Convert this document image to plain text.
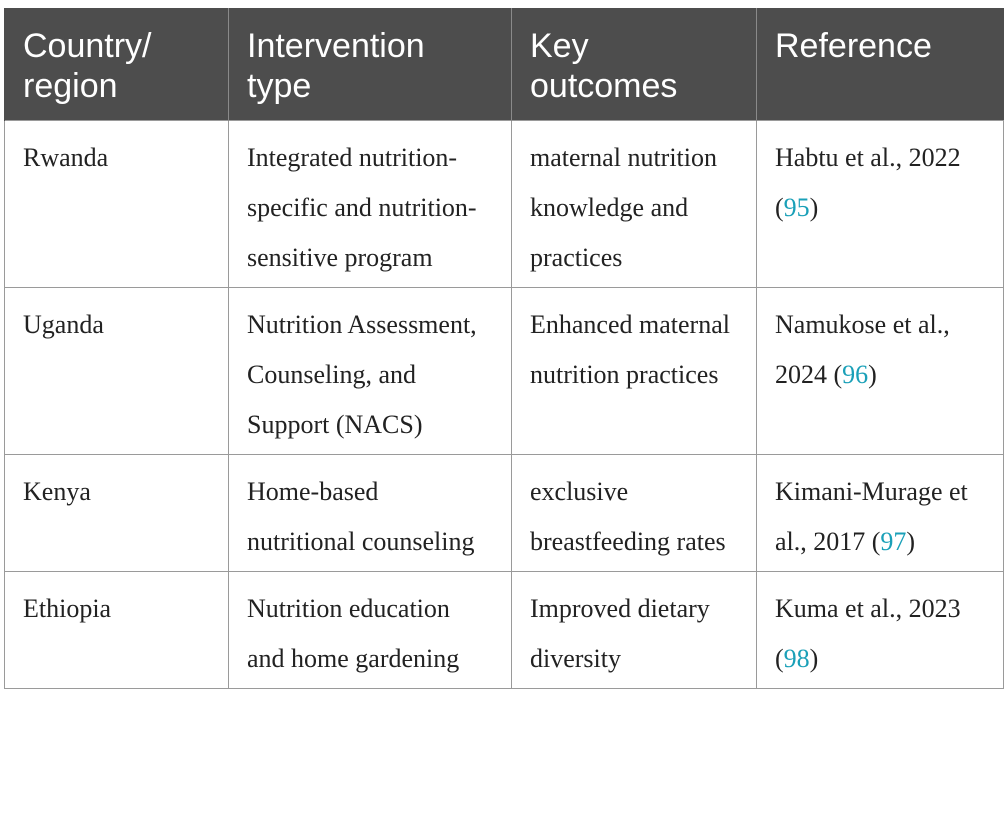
Country/ region	Intervention type	Key outcomes	Reference
Rwanda	Integrated nutrition-specific and nutrition-sensitive program	maternal nutrition knowledge and practices	Habtu et al., 2022 (95)
Uganda	Nutrition Assessment, Counseling, and Support (NACS)	Enhanced maternal nutrition practices	Namukose et al., 2024 (96)
Kenya	Home-based nutritional counseling	exclusive breastfeeding rates	Kimani-Murage et al., 2017 (97)
Ethiopia	Nutrition education and home gardening	Improved dietary diversity	Kuma et al., 2023 (98)
